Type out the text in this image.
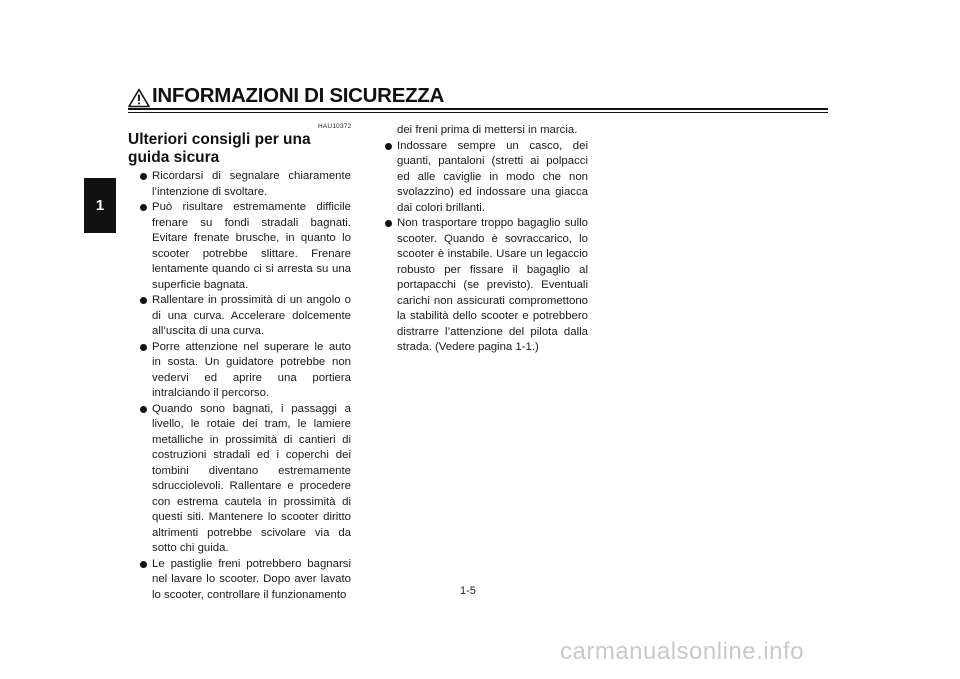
INFORMAZIONI DI SICUREZZA
1
HAU10372
Ulteriori consigli per una guida sicura
Ricordarsi di segnalare chiaramente l’intenzione di svoltare.
Può risultare estremamente difficile frenare su fondi stradali bagnati. Evitare frenate brusche, in quanto lo scooter potrebbe slittare. Frenare lentamente quando ci si arresta su una superficie bagnata.
Rallentare in prossimità di un angolo o di una curva. Accelerare dolcemente all’uscita di una curva.
Porre attenzione nel superare le auto in sosta. Un guidatore potrebbe non vedervi ed aprire una portiera intralciando il percorso.
Quando sono bagnati, i passaggi a livello, le rotaie dei tram, le lamiere metalliche in prossimità di cantieri di costruzioni stradali ed i coperchi dei tombini diventano estremamente sdrucciolevoli. Rallentare e procedere con estrema cautela in prossimità di questi siti. Mantenere lo scooter diritto altrimenti potrebbe scivolare via da sotto chi guida.
Le pastiglie freni potrebbero bagnarsi nel lavare lo scooter. Dopo aver lavato lo scooter, controllare il funzionamento
dei freni prima di mettersi in marcia.
Indossare sempre un casco, dei guanti, pantaloni (stretti ai polpacci ed alle caviglie in modo che non svolazzino) ed indossare una giacca dai colori brillanti.
Non trasportare troppo bagaglio sullo scooter. Quando è sovraccarico, lo scooter è instabile. Usare un legaccio robusto per fissare il bagaglio al portapacchi (se previsto). Eventuali carichi non assicurati compromettono la stabilità dello scooter e potrebbero distrarre l’attenzione del pilota dalla strada. (Vedere pagina 1-1.)
1-5
carmanualsonline.info
